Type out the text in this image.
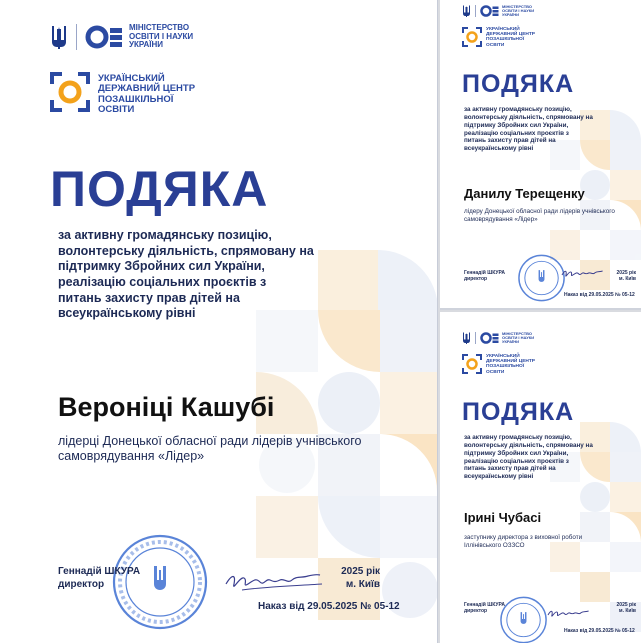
МІНІСТЕРСТВО
ОСВІТИ І НАУКИ
УКРАЇНИ
УКРАЇНСЬКИЙ
ДЕРЖАВНИЙ ЦЕНТР
ПОЗАШКІЛЬНОЇ
ОСВІТИ
ПОДЯКА
за активну громадянську позицію,
волонтерську діяльність, спрямовану на
підтримку Збройних сил України,
реалізацію соціальних проєктів з
питань захисту прав дітей на
всеукраїнському рівні
Вероніці Кашубі
лідерці Донецької обласної ради лідерів учнівського
самоврядування «Лідер»
Геннадій ШКУРА
директор
2025 рік
м. Київ
Наказ від 29.05.2025 № 05-12
МІНІСТЕРСТВО
ОСВІТИ І НАУКИ
УКРАЇНИ
УКРАЇНСЬКИЙ
ДЕРЖАВНИЙ ЦЕНТР
ПОЗАШКІЛЬНОЇ
ОСВІТИ
ПОДЯКА
за активну громадянську позицію,
волонтерську діяльність, спрямовану на
підтримку Збройних сил України,
реалізацію соціальних проєктів з
питань захисту прав дітей на
всеукраїнському рівні
Данилу Терещенку
лідеру Донецької обласної ради лідерів учнівського
самоврядування «Лідер»
Геннадій ШКУРА
директор
2025 рік
м. Київ
Наказ від 29.05.2025 № 05-12
МІНІСТЕРСТВО
ОСВІТИ І НАУКИ
УКРАЇНИ
УКРАЇНСЬКИЙ
ДЕРЖАВНИЙ ЦЕНТР
ПОЗАШКІЛЬНОЇ
ОСВІТИ
ПОДЯКА
за активну громадянську позицію,
волонтерську діяльність, спрямовану на
підтримку Збройних сил України,
реалізацію соціальних проєктів з
питань захисту прав дітей на
всеукраїнському рівні
Ірині Чубасі
заступнику директора з виховної роботи
Іллінівського ОЗЗСО
Геннадій ШКУРА
директор
2025 рік
м. Київ
Наказ від 29.05.2025 № 05-12
